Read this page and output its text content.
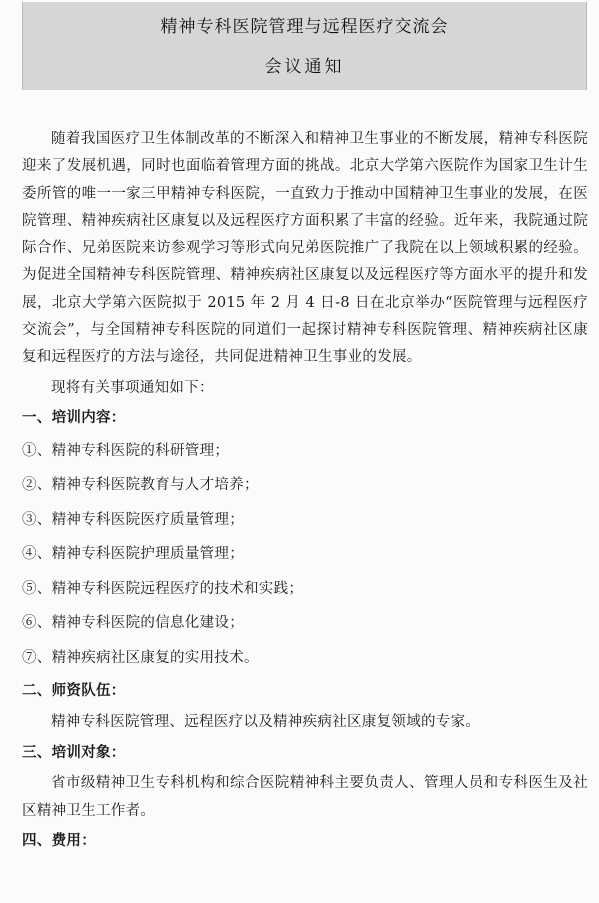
精神专科医院管理与远程医疗交流会
会议通知

随着我国医疗卫生体制改革的不断深入和精神卫生事业的不断发展，精神专科医院迎来了发展机遇，同时也面临着管理方面的挑战。北京大学第六医院作为国家卫生计生委所管的唯一一家三甲精神专科医院，一直致力于推动中国精神卫生事业的发展，在医院管理、精神疾病社区康复以及远程医疗方面积累了丰富的经验。近年来，我院通过院际合作、兄弟医院来访参观学习等形式向兄弟医院推广了我院在以上领域积累的经验。为促进全国精神专科医院管理、精神疾病社区康复以及远程医疗等方面水平的提升和发展，北京大学第六医院拟于 2015 年 2 月 4 日-8 日在北京举办“医院管理与远程医疗交流会”，与全国精神专科医院的同道们一起探讨精神专科医院管理、精神疾病社区康复和远程医疗的方法与途径，共同促进精神卫生事业的发展。

现将有关事项通知如下：

一、培训内容：

①、精神专科医院的科研管理；

②、精神专科医院教育与人才培养；

③、精神专科医院医疗质量管理；

④、精神专科医院护理质量管理；

⑤、精神专科医院远程医疗的技术和实践；

⑥、精神专科医院的信息化建设；

⑦、精神疾病社区康复的实用技术。

二、师资队伍：

精神专科医院管理、远程医疗以及精神疾病社区康复领域的专家。

三、培训对象：

省市级精神卫生专科机构和综合医院精神科主要负责人、管理人员和专科医生及社区精神卫生工作者。

四、费用：
